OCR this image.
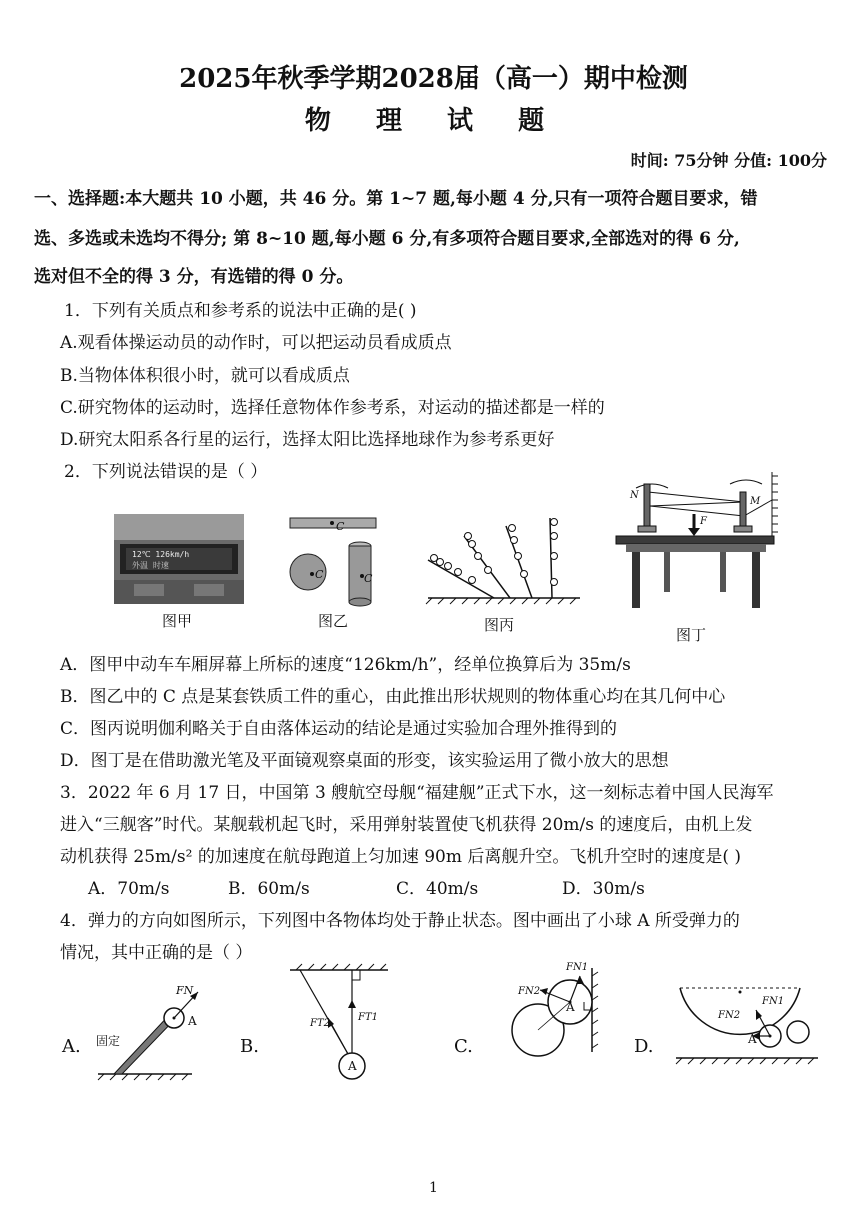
2025年秋季学期2028届（高一）期中检测
物 理 试 题
时间: 75分钟 分值: 100分
一、选择题:本大题共 10 小题，共 46 分。第 1~7 题,每小题 4 分,只有一项符合题目要求，错
选、多选或未选均不得分; 第 8~10 题,每小题 6 分,有多项符合题目要求,全部选对的得 6 分,
选对但不全的得 3 分，有选错的得 0 分。
1．下列有关质点和参考系的说法中正确的是( )
A.观看体操运动员的动作时，可以把运动员看成质点
B.当物体体积很小时，就可以看成质点
C.研究物体的运动时，选择任意物体作参考系，对运动的描述都是一样的
D.研究太阳系各行星的运行，选择太阳比选择地球作为参考系更好
2．下列说法错误的是（ ）
12℃ 126km/h
外温 时速
图甲
C
C	C
图乙	图丙
N
M
F
图丁
A．图甲中动车车厢屏幕上所标的速度“126km/h”，经单位换算后为 35m/s
B．图乙中的 C 点是某套铁质工件的重心，由此推出形状规则的物体重心均在其几何中心
C．图丙说明伽利略关于自由落体运动的结论是通过实验加合理外推得到的
D．图丁是在借助激光笔及平面镜观察桌面的形变，该实验运用了微小放大的思想
3．2022 年 6 月 17 日，中国第 3 艘航空母舰“福建舰”正式下水，这一刻标志着中国人民海军
进入“三舰客”时代。某舰载机起飞时，采用弹射装置使飞机获得 20m/s 的速度后，由机上发
动机获得 25m/s² 的加速度在航母跑道上匀加速 90m 后离舰升空。飞机升空时的速度是( )
A．70m/s	B．60m/s	C．40m/s	D．30m/s
4．弹力的方向如图所示，下列图中各物体均处于静止状态。图中画出了小球 A 所受弹力的
情况，其中正确的是（ ）
A. 固定
FN
A
B.
FT2
FT1
A
C.
FN2
FN1
A
D.
FN1
FN2
A
1
